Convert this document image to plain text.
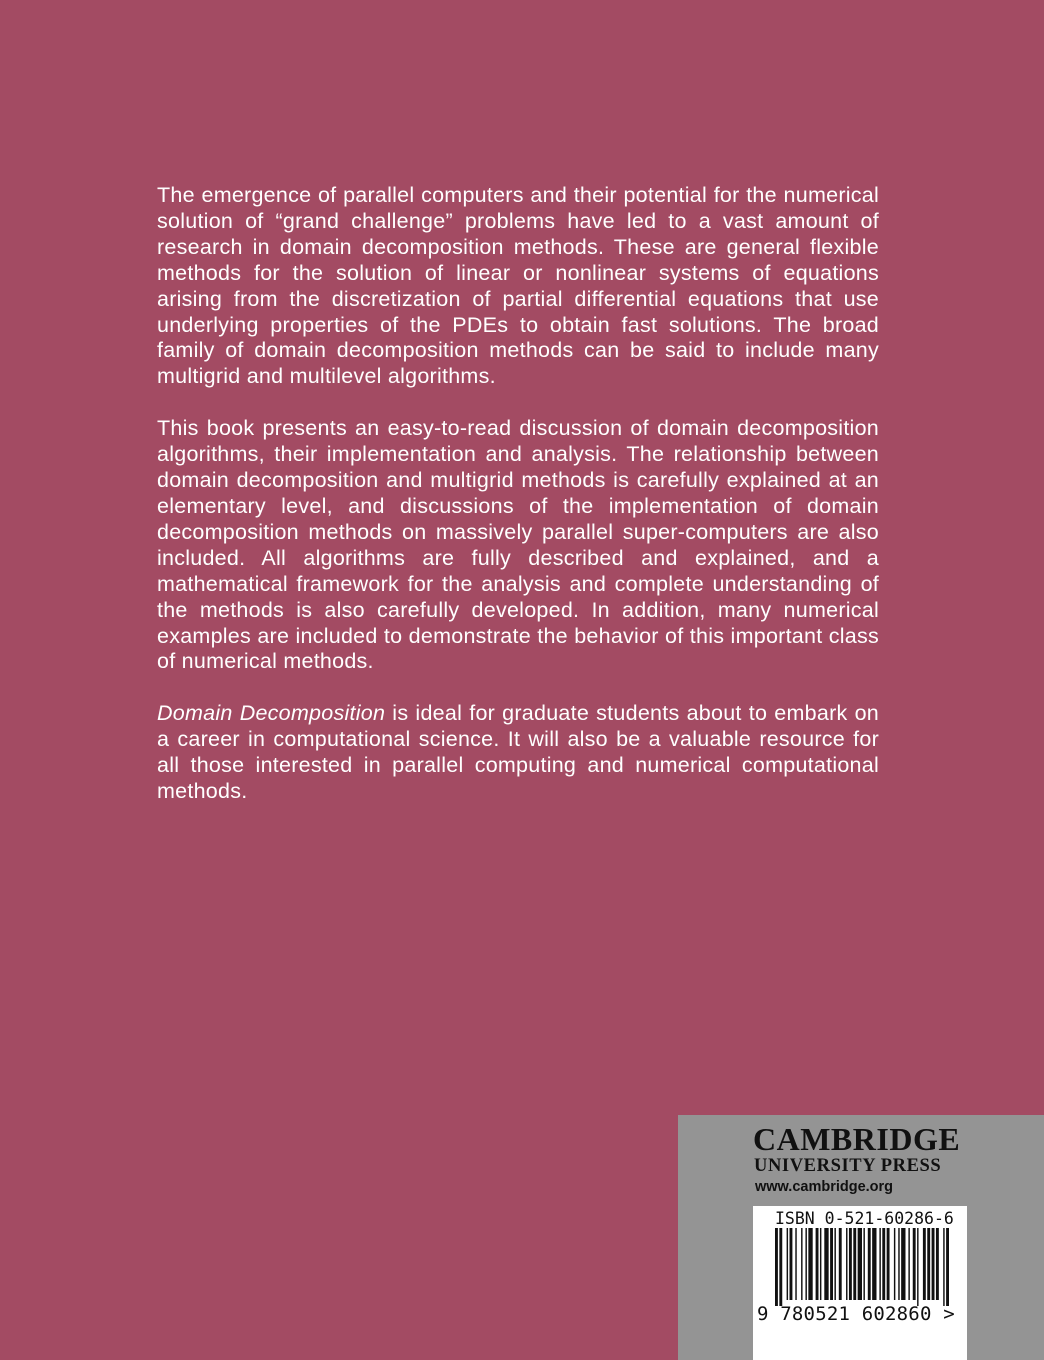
The emergence of parallel computers and their potential for the numerical solution of “grand challenge” problems have led to a vast amount of research in domain decomposition methods. These are general flexible methods for the solution of linear or nonlinear systems of equations arising from the discretization of partial differential equations that use underlying properties of the PDEs to obtain fast solutions. The broad family of domain decomposition methods can be said to include many multigrid and multilevel algorithms.

This book presents an easy-to-read discussion of domain decomposition algorithms, their implementation and analysis. The relationship between domain decomposition and multigrid methods is carefully explained at an elementary level, and discussions of the implementation of domain decomposition methods on massively parallel super-computers are also included. All algorithms are fully described and explained, and a mathematical framework for the analysis and complete understanding of the methods is also carefully developed. In addition, many numerical examples are included to demonstrate the behavior of this important class of numerical methods.

Domain Decomposition is ideal for graduate students about to embark on a career in computational science. It will also be a valuable resource for all those interested in parallel computing and numerical computational methods.

CAMBRIDGE
UNIVERSITY PRESS
www.cambridge.org
ISBN 0-521-60286-6
9 780521 602860 >
